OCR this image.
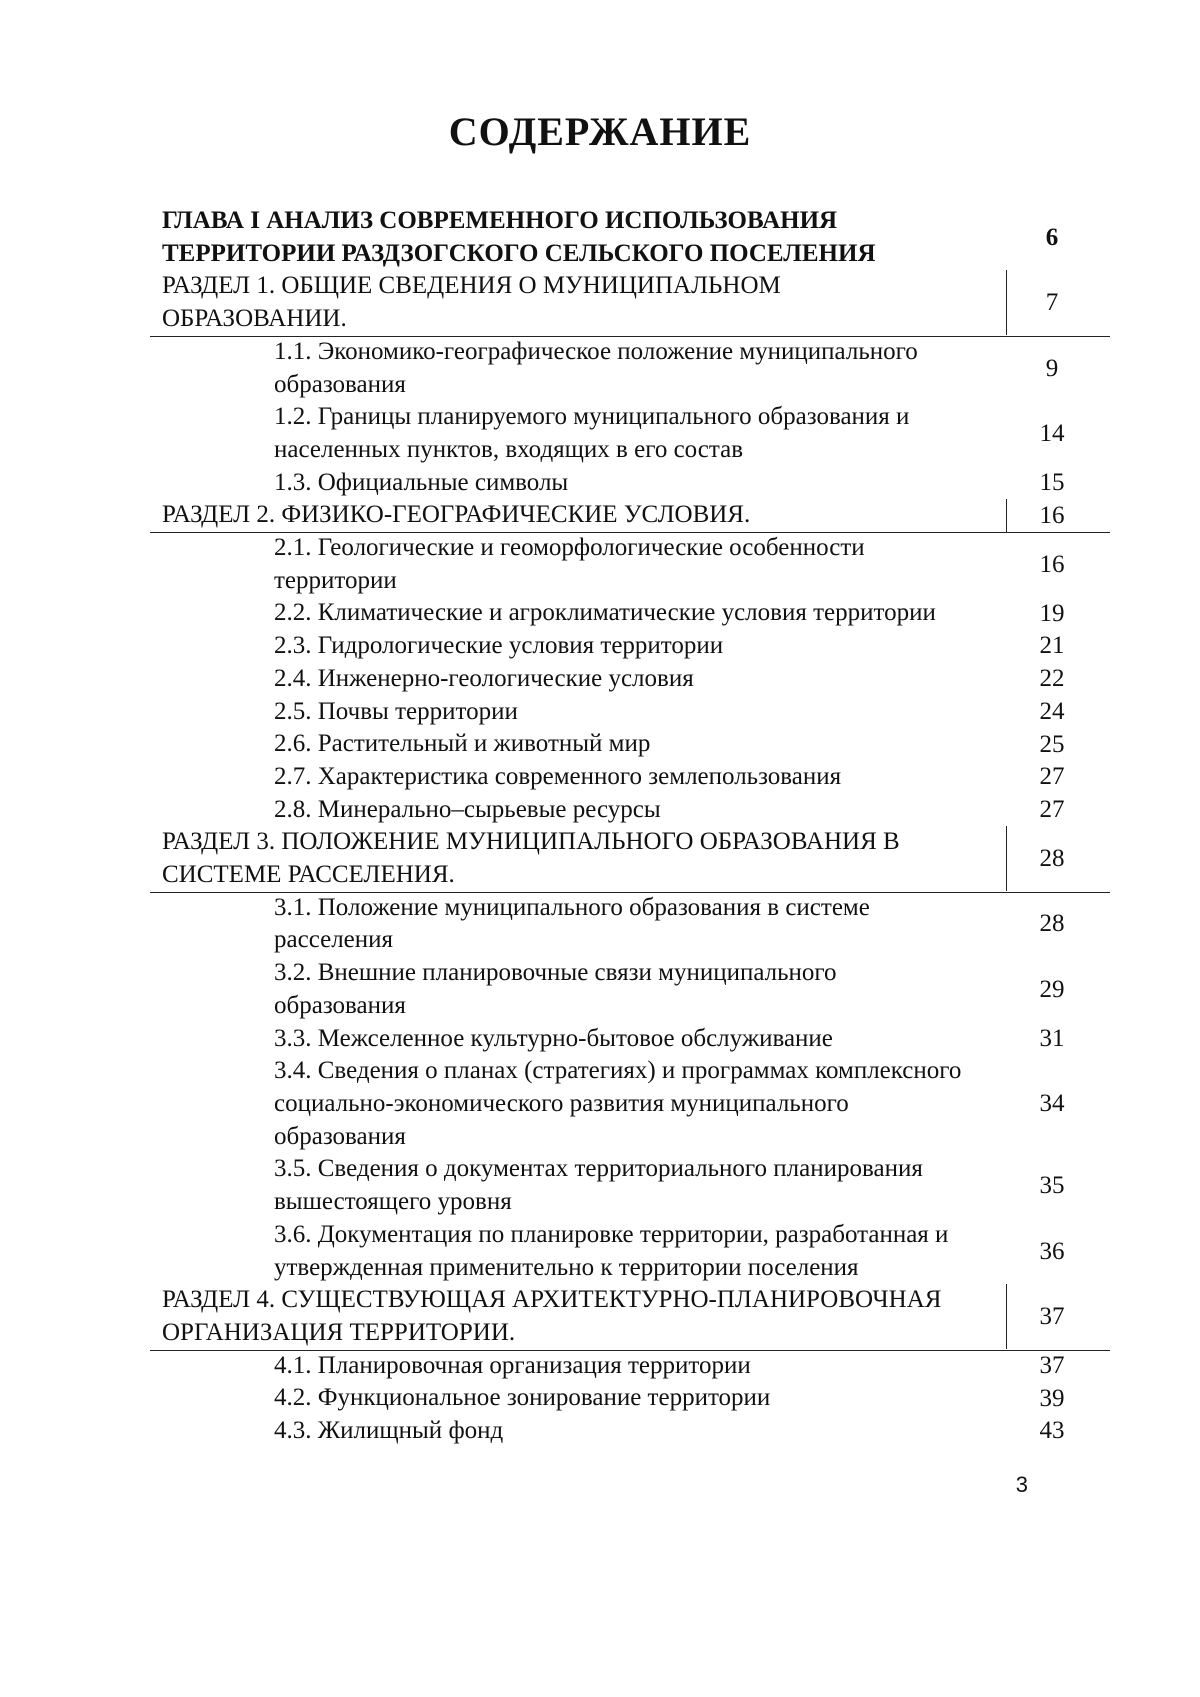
СОДЕРЖАНИЕ
ГЛАВА I АНАЛИЗ СОВРЕМЕННОГО ИСПОЛЬЗОВАНИЯ ТЕРРИТОРИИ РАЗДЗОГСКОГО СЕЛЬСКОГО ПОСЕЛЕНИЯ
6
РАЗДЕЛ 1. ОБЩИЕ СВЕДЕНИЯ О МУНИЦИПАЛЬНОМ ОБРАЗОВАНИИ.
7
1.1. Экономико-географическое положение муниципального образования
9
1.2. Границы планируемого муниципального образования и населенных пунктов, входящих в его состав
14
1.3. Официальные символы	15
РАЗДЕЛ 2. ФИЗИКО-ГЕОГРАФИЧЕСКИЕ УСЛОВИЯ.	16
2.1. Геологические и геоморфологические особенности территории
16
2.2. Климатические и агроклиматические условия территории	19
2.3. Гидрологические условия территории	21
2.4. Инженерно-геологические условия	22
2.5. Почвы территории	24
2.6. Растительный и животный мир	25
2.7. Характеристика современного землепользования	27
2.8. Минерально–сырьевые ресурсы	27
РАЗДЕЛ 3. ПОЛОЖЕНИЕ МУНИЦИПАЛЬНОГО ОБРАЗОВАНИЯ В СИСТЕМЕ РАССЕЛЕНИЯ.
28
3.1. Положение муниципального образования в системе расселения
28
3.2. Внешние планировочные связи муниципального образования
29
3.3. Межселенное культурно-бытовое обслуживание	31
3.4. Сведения о планах (стратегиях) и программах комплексного социально-экономического развития муниципального образования
34
3.5. Сведения о документах территориального планирования вышестоящего уровня
35
3.6. Документация по планировке территории, разработанная и утвержденная применительно к территории поселения
36
РАЗДЕЛ 4. СУЩЕСТВУЮЩАЯ АРХИТЕКТУРНО-ПЛАНИРОВОЧНАЯ ОРГАНИЗАЦИЯ ТЕРРИТОРИИ.
37
4.1. Планировочная организация территории	37
4.2. Функциональное зонирование территории	39
4.3. Жилищный фонд	43
3
